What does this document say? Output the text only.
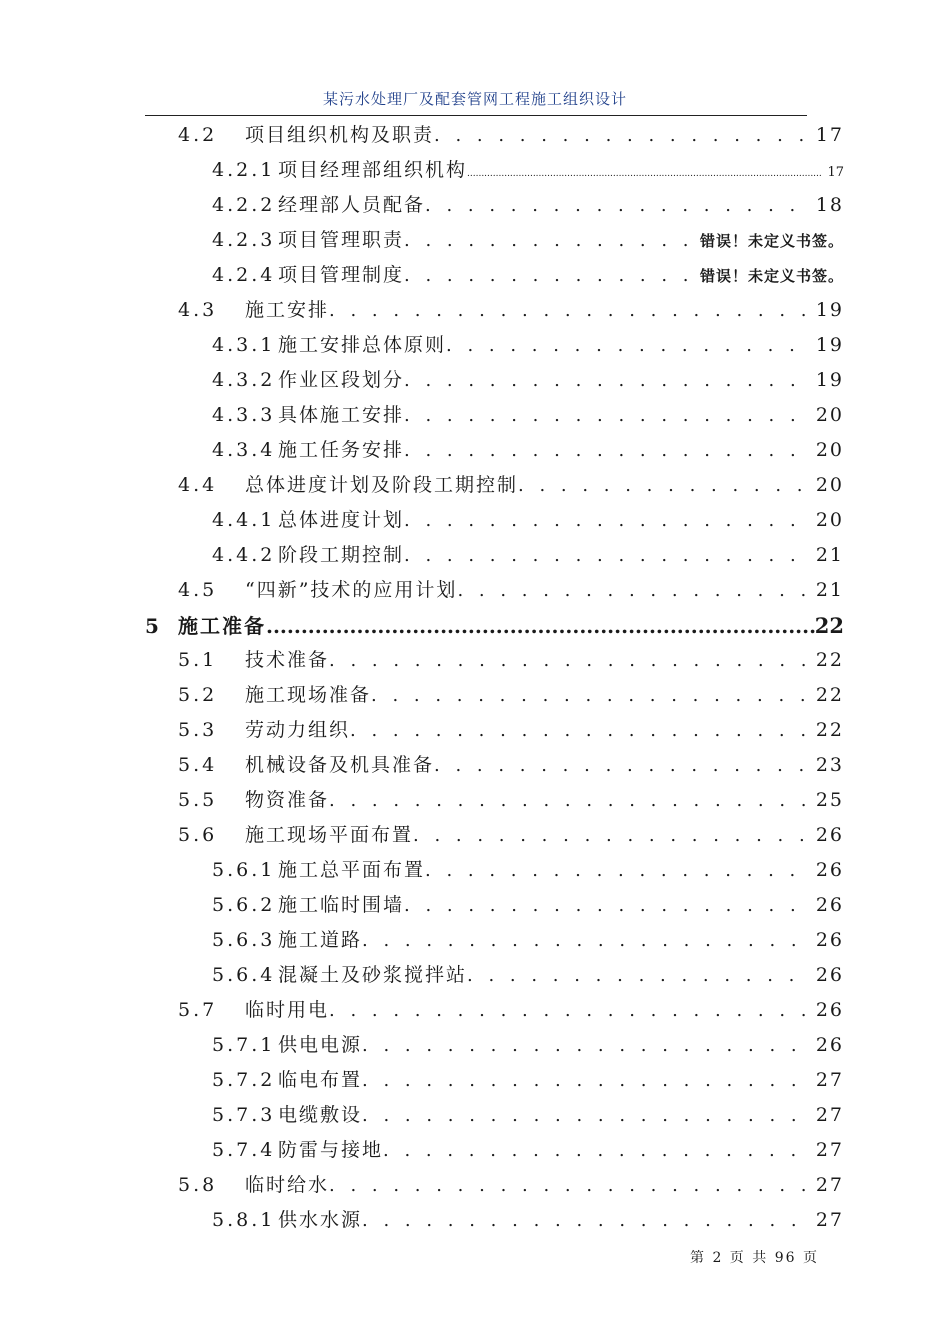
某污水处理厂及配套管网工程施工组织设计
4.2	项目组织机构及职责 . . .	17
4.2.1 项目经理部组织机构 .....	17
4.2.2 经理部人员配备 . . .	18
4.2.3 项目管理职责 . . .	错误！未定义书签。
4.2.4 项目管理制度 . . .	错误！未定义书签。
4.3	施工安排 . . .	19
4.3.1 施工安排总体原则 . . .	19
4.3.2 作业区段划分 . . .	19
4.3.3 具体施工安排 . . .	20
4.3.4 施工任务安排 . . .	20
4.4	总体进度计划及阶段工期控制 . . .	20
4.4.1 总体进度计划 . . .	20
4.4.2 阶段工期控制 . . .	21
4.5	“四新”技术的应用计划 . . .	21
5 施工准备 .....	22
5.1	技术准备 . . .	22
5.2	施工现场准备 . . .	22
5.3	劳动力组织 . . .	22
5.4	机械设备及机具准备 . . .	23
5.5	物资准备 . . .	25
5.6	施工现场平面布置 . . .	26
5.6.1 施工总平面布置 . . .	26
5.6.2 施工临时围墙 . . .	26
5.6.3 施工道路 . . .	26
5.6.4 混凝土及砂浆搅拌站 . . .	26
5.7	临时用电 . . .	26
5.7.1 供电电源 . . .	26
5.7.2 临电布置 . . .	27
5.7.3 电缆敷设 . . .	27
5.7.4 防雷与接地 . . .	27
5.8	临时给水 . . .	27
5.8.1 供水水源 . . .	27
第 2 页 共 96 页
